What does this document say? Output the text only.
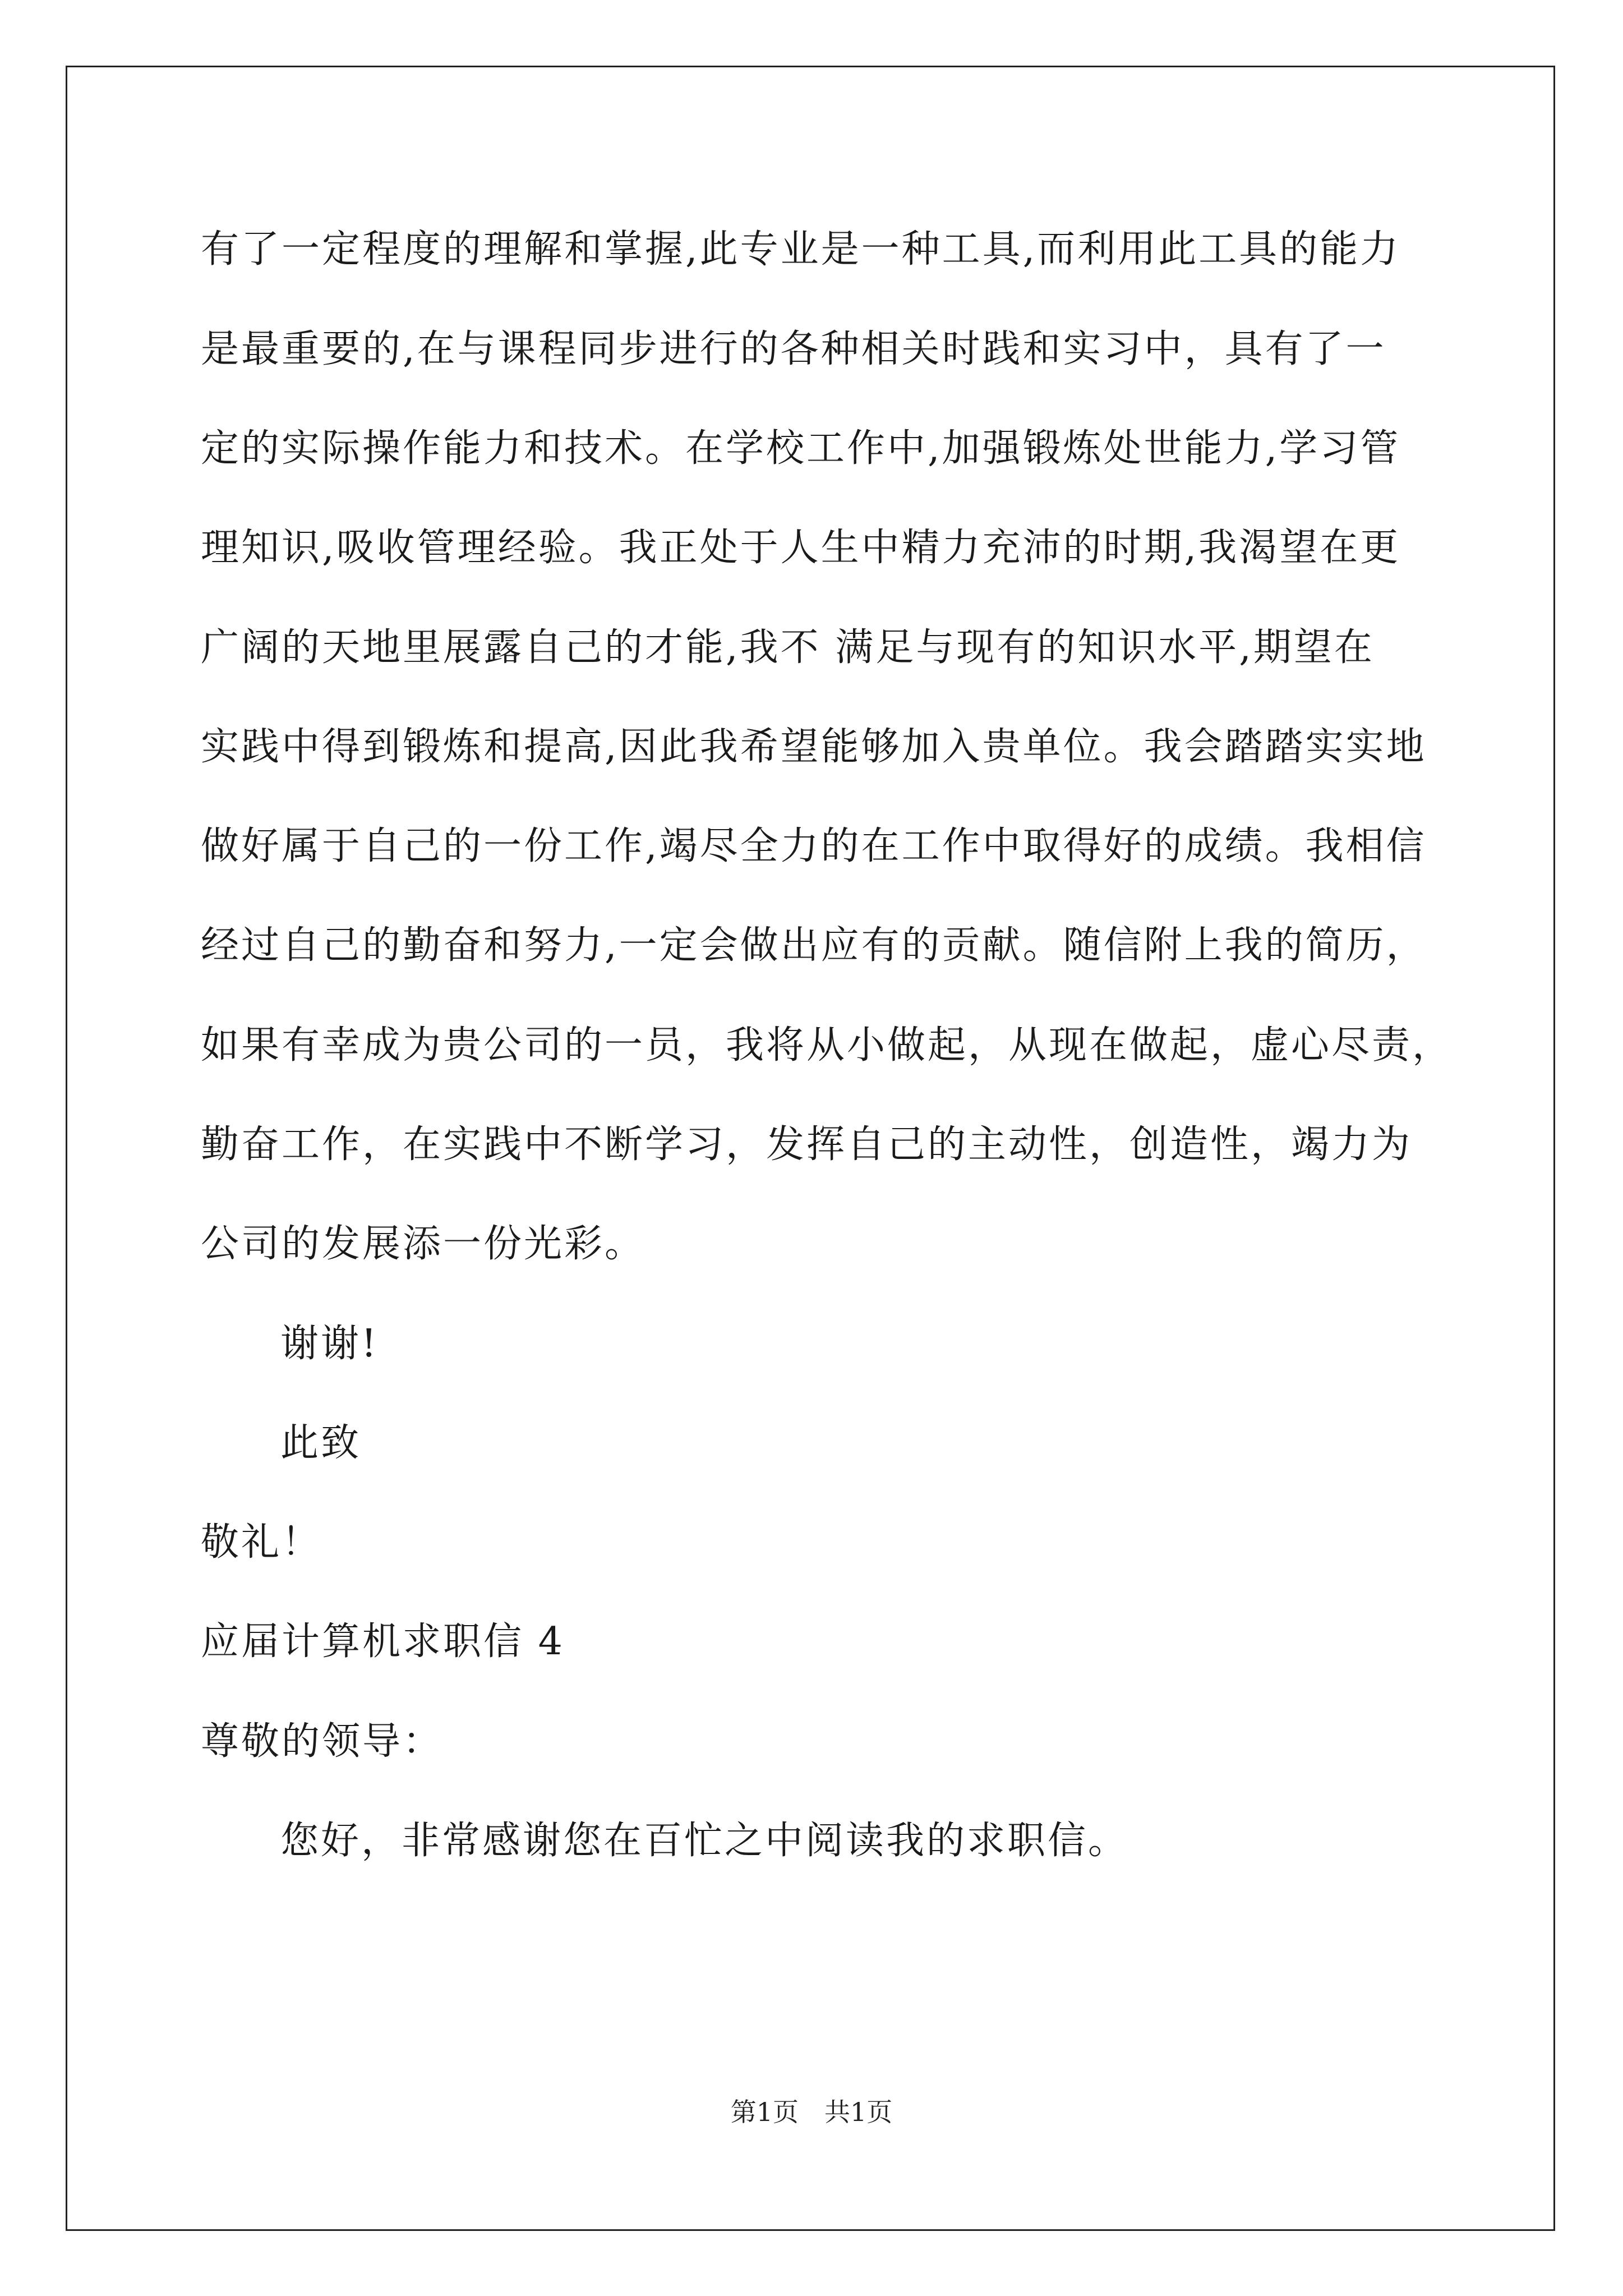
有了一定程度的理解和掌握,此专业是一种工具,而利用此工具的能力
是最重要的,在与课程同步进行的各种相关时践和实习中，具有了一
定的实际操作能力和技术。在学校工作中,加强锻炼处世能力,学习管
理知识,吸收管理经验。我正处于人生中精力充沛的时期,我渴望在更
广阔的天地里展露自己的才能,我不 满足与现有的知识水平,期望在
实践中得到锻炼和提高,因此我希望能够加入贵单位。我会踏踏实实地
做好属于自己的一份工作,竭尽全力的在工作中取得好的成绩。我相信
经过自己的勤奋和努力,一定会做出应有的贡献。随信附上我的简历，
如果有幸成为贵公司的一员，我将从小做起，从现在做起，虚心尽责，
勤奋工作，在实践中不断学习，发挥自己的主动性，创造性，竭力为
公司的发展添一份光彩。
谢谢!
此致
敬礼！
应届计算机求职信 4
尊敬的领导：
您好，非常感谢您在百忙之中阅读我的求职信。
第1页　共1页
